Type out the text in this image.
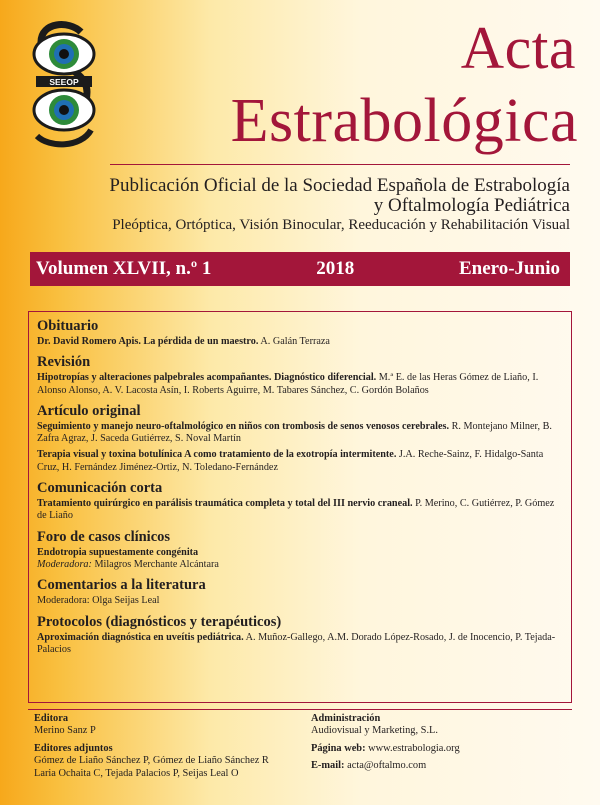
SEEOP
Acta
Estrabológica
Publicación Oficial de la Sociedad Española de Estrabología
y Oftalmología Pediátrica
Pleóptica, Ortóptica, Visión Binocular, Reeducación y Rehabilitación Visual
Volumen XLVII, n.º 1	2018	Enero-Junio
Obituario
Dr. David Romero Apis. La pérdida de un maestro. A. Galán Terraza
Revisión
Hipotropías y alteraciones palpebrales acompañantes. Diagnóstico diferencial. M.ª E. de las Heras Gómez de Liaño, I. Alonso Alonso, A. V. Lacosta Asín, I. Roberts Aguirre, M. Tabares Sánchez, C. Gordón Bolaños
Artículo original
Seguimiento y manejo neuro-oftalmológico en niños con trombosis de senos venosos cerebrales. R. Montejano Milner, B. Zafra Agraz, J. Saceda Gutiérrez, S. Noval Martín
Terapia visual y toxina botulínica A como tratamiento de la exotropía intermitente. J.A. Reche-Sainz, F. Hidalgo-Santa Cruz, H. Fernández Jiménez-Ortiz, N. Toledano-Fernández
Comunicación corta
Tratamiento quirúrgico en parálisis traumática completa y total del III nervio craneal. P. Merino, C. Gutiérrez, P. Gómez de Liaño
Foro de casos clínicos
Endotropia supuestamente congénita
Moderadora: Milagros Merchante Alcántara
Comentarios a la literatura
Moderadora: Olga Seijas Leal
Protocolos (diagnósticos y terapéuticos)
Aproximación diagnóstica en uveítis pediátrica. A. Muñoz-Gallego, A.M. Dorado López-Rosado, J. de Inocencio, P. Tejada-Palacios
Editora
Merino Sanz P
Editores adjuntos
Gómez de Liaño Sánchez P, Gómez de Liaño Sánchez R
Laria Ochaita C, Tejada Palacios P, Seijas Leal O
Administración
Audiovisual y Marketing, S.L.
Página web: www.estrabologia.org
E-mail: acta@oftalmo.com
